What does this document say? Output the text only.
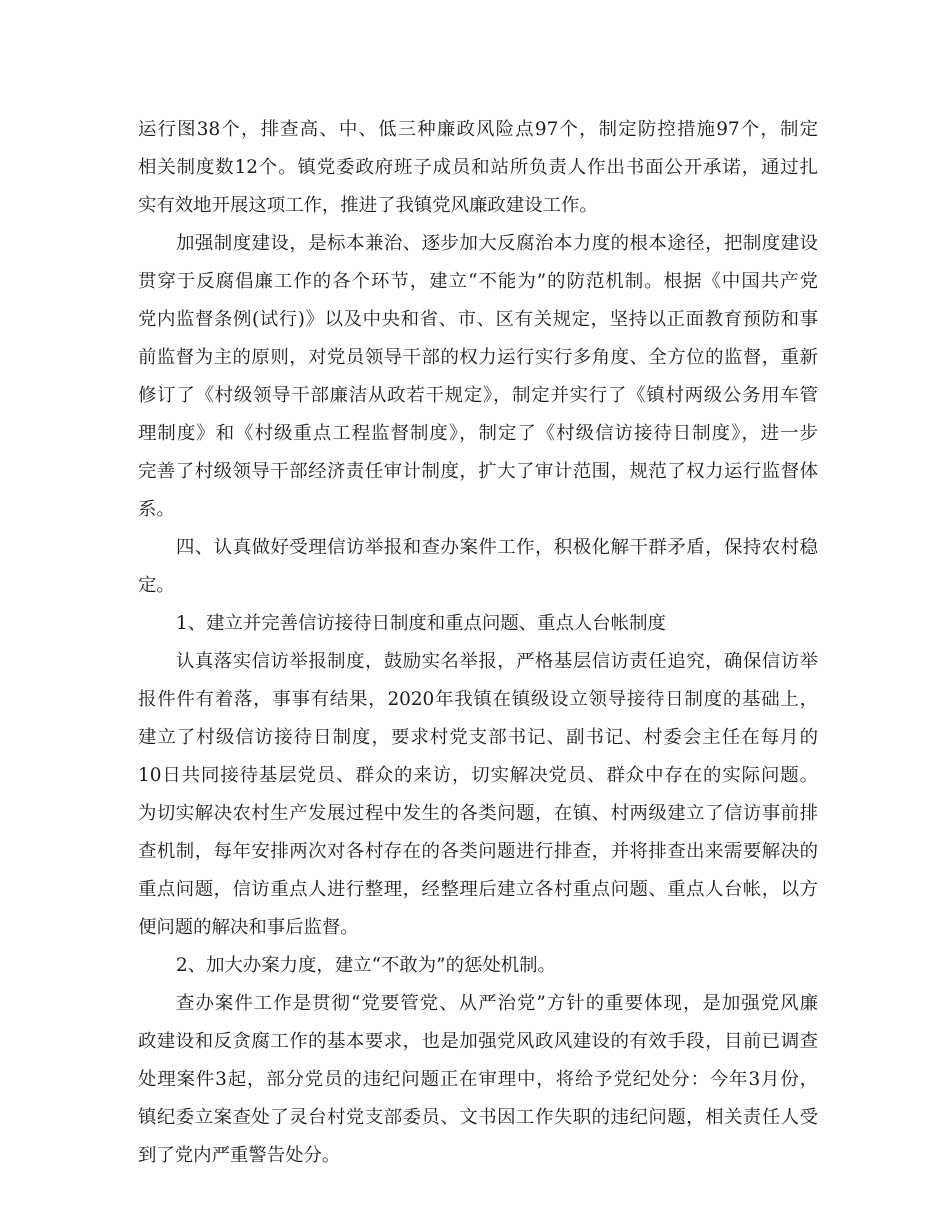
运行图38个，排查高、中、低三种廉政风险点97个，制定防控措施97个，制定
相关制度数12个。镇党委政府班子成员和站所负责人作出书面公开承诺，通过扎
实有效地开展这项工作，推进了我镇党风廉政建设工作。
加强制度建设，是标本兼治、逐步加大反腐治本力度的根本途径，把制度建设
贯穿于反腐倡廉工作的各个环节，建立“不能为”的防范机制。根据《中国共产党
党内监督条例(试行)》以及中央和省、市、区有关规定，坚持以正面教育预防和事
前监督为主的原则，对党员领导干部的权力运行实行多角度、全方位的监督，重新
修订了《村级领导干部廉洁从政若干规定》，制定并实行了《镇村两级公务用车管
理制度》和《村级重点工程监督制度》，制定了《村级信访接待日制度》，进一步
完善了村级领导干部经济责任审计制度，扩大了审计范围，规范了权力运行监督体
系。
四、认真做好受理信访举报和查办案件工作，积极化解干群矛盾，保持农村稳
定。
1、建立并完善信访接待日制度和重点问题、重点人台帐制度
认真落实信访举报制度，鼓励实名举报，严格基层信访责任追究，确保信访举
报件件有着落，事事有结果，2020年我镇在镇级设立领导接待日制度的基础上，
建立了村级信访接待日制度，要求村党支部书记、副书记、村委会主任在每月的
10日共同接待基层党员、群众的来访，切实解决党员、群众中存在的实际问题。
为切实解决农村生产发展过程中发生的各类问题，在镇、村两级建立了信访事前排
查机制，每年安排两次对各村存在的各类问题进行排查，并将排查出来需要解决的
重点问题，信访重点人进行整理，经整理后建立各村重点问题、重点人台帐，以方
便问题的解决和事后监督。
2、加大办案力度，建立“不敢为”的惩处机制。
查办案件工作是贯彻“党要管党、从严治党”方针的重要体现，是加强党风廉
政建设和反贪腐工作的基本要求，也是加强党风政风建设的有效手段，目前已调查
处理案件3起，部分党员的违纪问题正在审理中，将给予党纪处分：今年3月份，
镇纪委立案查处了灵台村党支部委员、文书因工作失职的违纪问题，相关责任人受
到了党内严重警告处分。
